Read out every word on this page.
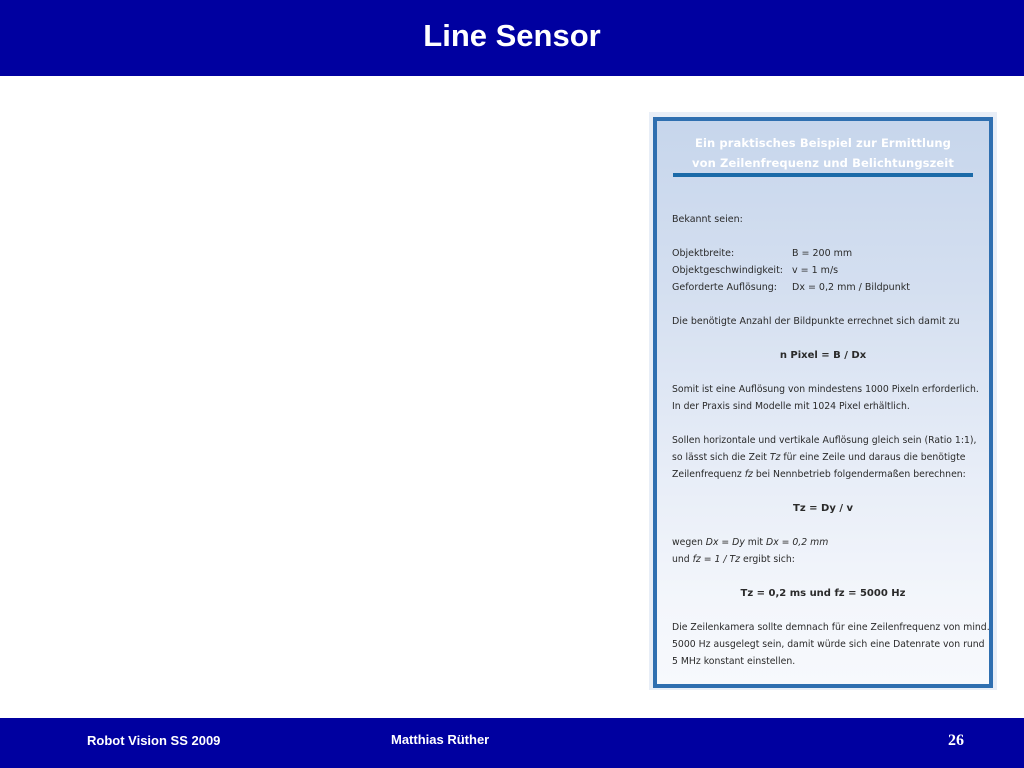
Line Sensor
Ein praktisches Beispiel zur Ermittlung
von Zeilenfrequenz und Belichtungszeit
Bekannt seien:
Objektbreite:	B = 200 mm
Objektgeschwindigkeit: v = 1 m/s
Geforderte Auflösung: Dx = 0,2 mm / Bildpunkt
Die benötigte Anzahl der Bildpunkte errechnet sich damit zu
n Pixel = B / Dx
Somit ist eine Auflösung von mindestens 1000 Pixeln erforderlich.
In der Praxis sind Modelle mit 1024 Pixel erhältlich.
Sollen horizontale und vertikale Auflösung gleich sein (Ratio 1:1),
so lässt sich die Zeit Tz für eine Zeile und daraus die benötigte
Zeilenfrequenz fz bei Nennbetrieb folgendermaßen berechnen:
Tz = Dy / v
wegen Dx = Dy mit Dx = 0,2 mm
und fz = 1 / Tz ergibt sich:
Tz = 0,2 ms und fz = 5000 Hz
Die Zeilenkamera sollte demnach für eine Zeilenfrequenz von mind.
5000 Hz ausgelegt sein, damit würde sich eine Datenrate von rund
5 MHz konstant einstellen.
Robot Vision SS 2009	Matthias Rüther	26
